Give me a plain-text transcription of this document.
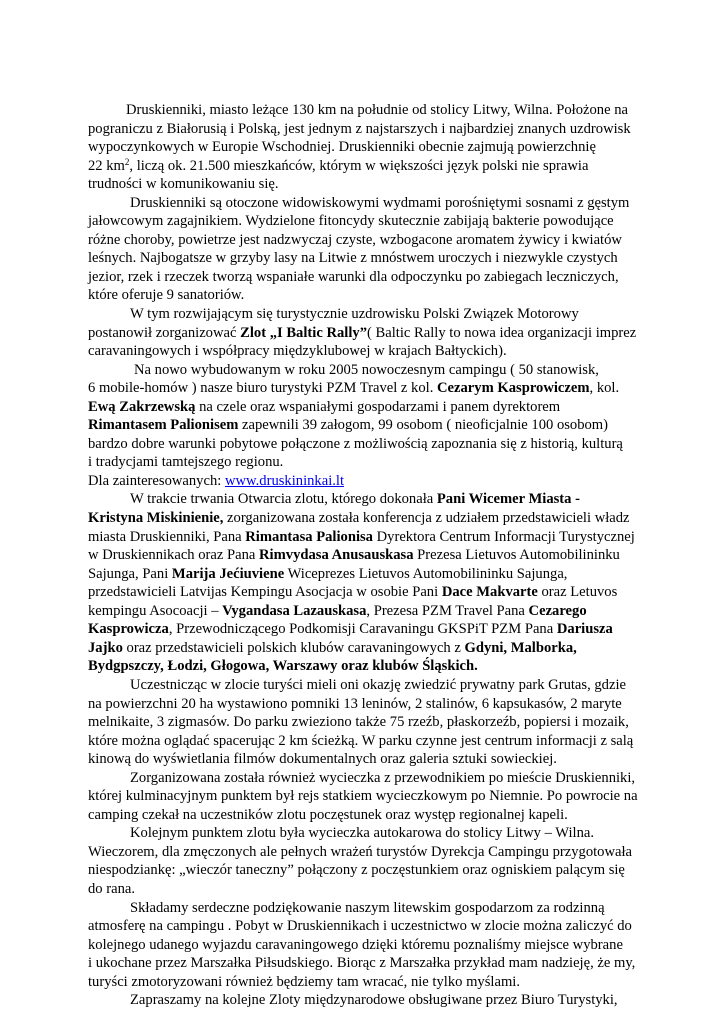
Druskienniki, miasto leżące 130 km na południe od stolicy Litwy, Wilna. Położone na
pograniczu z Białorusią i Polską, jest jednym z najstarszych i najbardziej znanych uzdrowisk
wypoczynkowych w Europie Wschodniej. Druskienniki obecnie zajmują powierzchnię
22 $km^2$, liczą ok. 21.500 mieszkańców, którym w większości język polski nie sprawia
trudności w komunikowaniu się.
Druskienniki są otoczone widowiskowymi wydmami porośniętymi sosnami z gęstym
jałowcowym zagajnikiem. Wydzielone fitoncydy skutecznie zabijają bakterie powodujące
różne choroby, powietrze jest nadzwyczaj czyste, wzbogacone aromatem żywicy i kwiatów
leśnych. Najbogatsze w grzyby lasy na Litwie z mnóstwem uroczych i niezwykle czystych
jezior, rzek i rzeczek tworzą wspaniałe warunki dla odpoczynku po zabiegach leczniczych,
które oferuje 9 sanatoriów.
W tym rozwijającym się turystycznie uzdrowisku Polski Związek Motorowy
postanowił zorganizować Zlot „I Baltic Rally”( Baltic Rally to nowa idea organizacji imprez
caravaningowych i współpracy międzyklubowej w krajach Bałtyckich).
Na nowo wybudowanym w roku 2005 nowoczesnym campingu ( 50 stanowisk,
6 mobile-homów ) nasze biuro turystyki PZM Travel z kol. Cezarym Kasprowiczem, kol.
Ewą Zakrzewską na czele oraz wspaniałymi gospodarzami i panem dyrektorem
Rimantasem Palionisem zapewnili 39 załogom, 99 osobom ( nieoficjalnie 100 osobom)
bardzo dobre warunki pobytowe połączone z możliwością zapoznania się z historią, kulturą
i tradycjami tamtejszego regionu.
Dla zainteresowanych: www.druskininkai.lt
W trakcie trwania Otwarcia zlotu, którego dokonała Pani Wicemer Miasta -
Kristyna Miskinienie, zorganizowana została konferencja z udziałem przedstawicieli władz
miasta Druskienniki, Pana Rimantasa Palionisa Dyrektora Centrum Informacji Turystycznej
w Druskiennikach oraz Pana Rimvydasa Anusauskasa Prezesa Lietuvos Automobilininku
Sajunga, Pani Marija Jećiuviene Wiceprezes Lietuvos Automobilininku Sajunga,
przedstawicieli Latvijas Kempingu Asocjacja w osobie Pani Dace Makvarte oraz Letuvos
kempingu Asocoacji – Vygandasa Lazauskasa, Prezesa PZM Travel Pana Cezarego
Kasprowicza, Przewodniczącego Podkomisji Caravaningu GKSPiT PZM Pana Dariusza
Jajko oraz przedstawicieli polskich klubów caravaningowych z Gdyni, Malborka,
Bydgpszczy, Łodzi, Głogowa, Warszawy oraz klubów Śląskich.
Uczestnicząc w zlocie turyści mieli oni okazję zwiedzić prywatny park Grutas, gdzie
na powierzchni 20 ha wystawiono pomniki 13 leninów, 2 stalinów, 6 kapsukasów, 2 maryte
melnikaite, 3 zigmasów. Do parku zwieziono także 75 rzeźb, płaskorzeźb, popiersi i mozaik,
które można oglądać spacerując 2 km ścieżką. W parku czynne jest centrum informacji z salą
kinową do wyświetlania filmów dokumentalnych oraz galeria sztuki sowieckiej.
Zorganizowana została również wycieczka z przewodnikiem po mieście Druskienniki,
której kulminacyjnym punktem był rejs statkiem wycieczkowym po Niemnie. Po powrocie na
camping czekał na uczestników zlotu poczęstunek oraz występ regionalnej kapeli.
Kolejnym punktem zlotu była wycieczka autokarowa do stolicy Litwy – Wilna.
Wieczorem, dla zmęczonych ale pełnych wrażeń turystów Dyrekcja Campingu przygotowała
niespodziankę: „wieczór taneczny” połączony z poczęstunkiem oraz ogniskiem palącym się
do rana.
Składamy serdeczne podziękowanie naszym litewskim gospodarzom za rodzinną
atmosferę na campingu . Pobyt w Druskiennikach i uczestnictwo w zlocie można zaliczyć do
kolejnego udanego wyjazdu caravaningowego dzięki któremu poznaliśmy miejsce wybrane
i ukochane przez Marszałka Piłsudskiego. Biorąc z Marszałka przykład mam nadzieję, że my,
turyści zmotoryzowani również będziemy tam wracać, nie tylko myślami.
Zapraszamy na kolejne Zloty międzynarodowe obsługiwane przez Biuro Turystyki,
